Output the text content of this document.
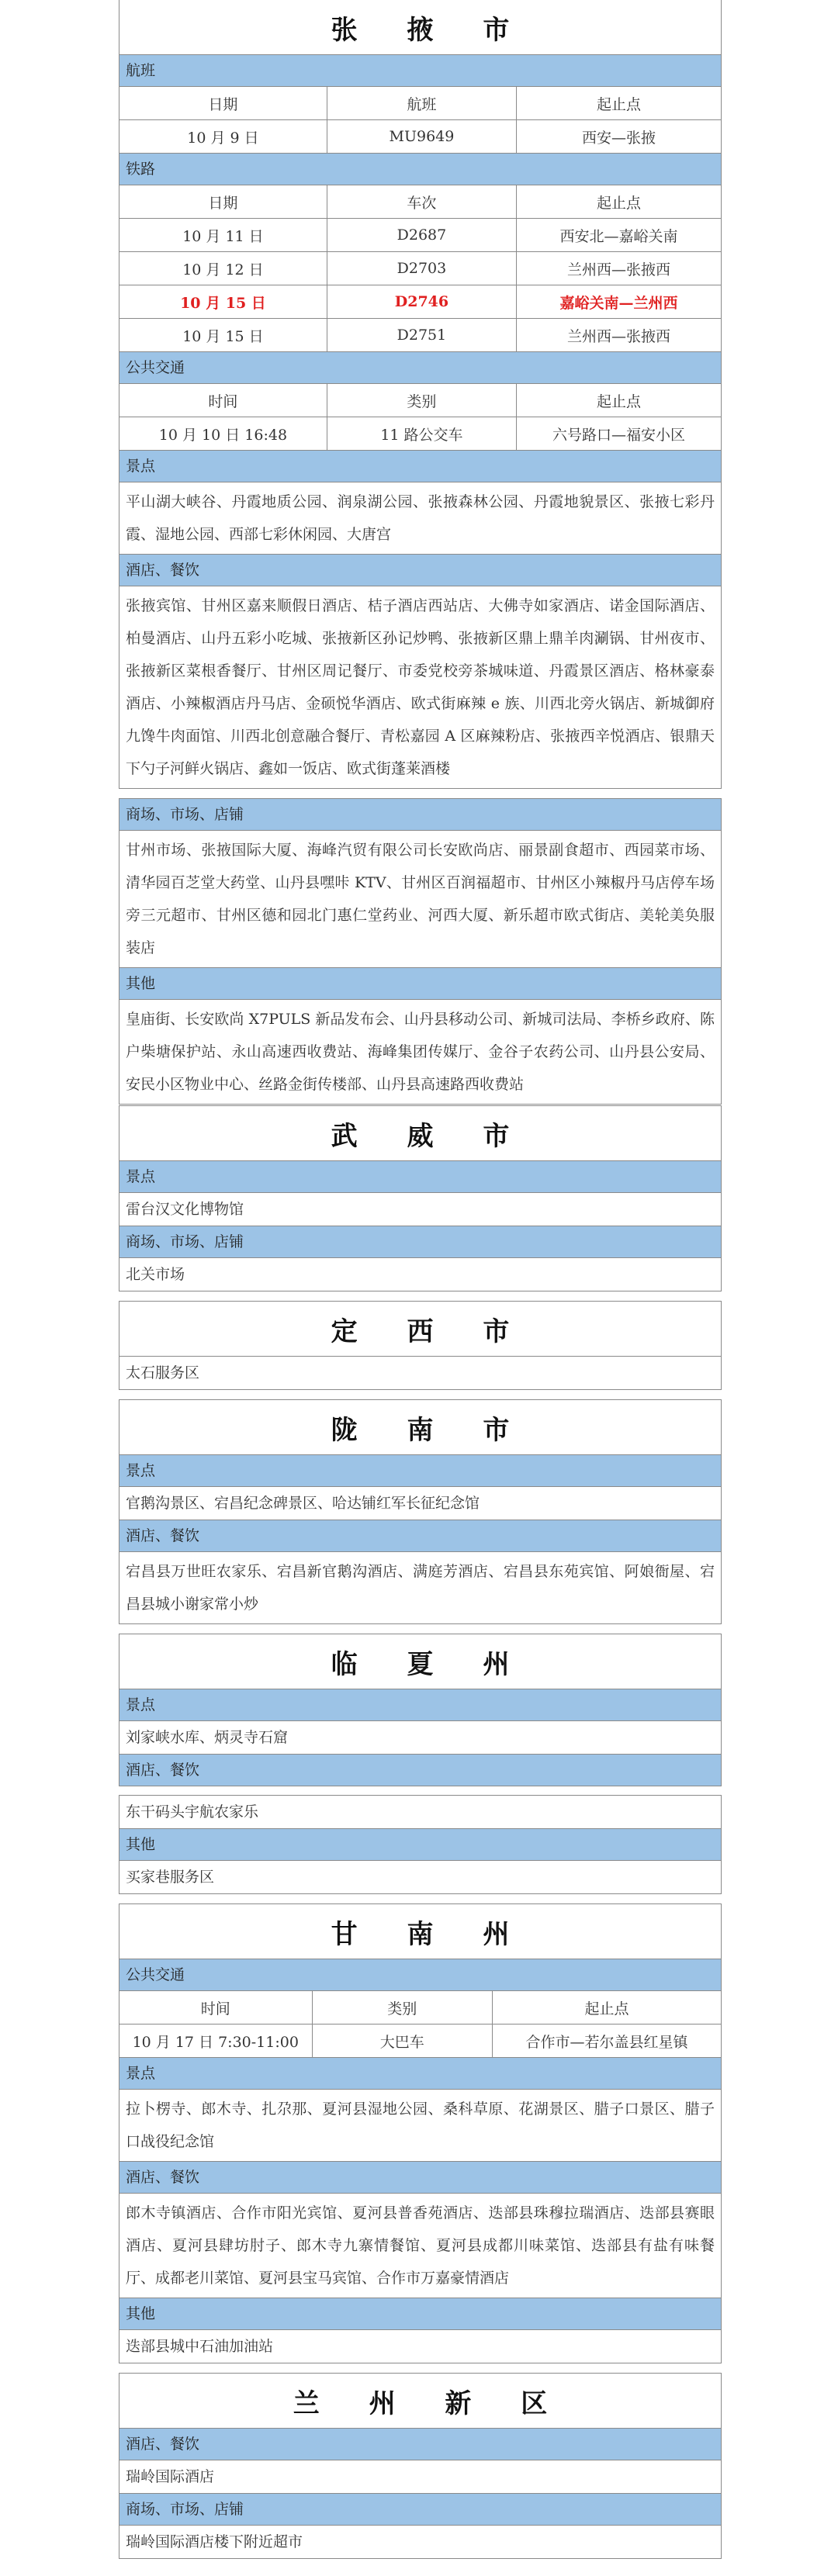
张 掖 市
航班
日期	航班	起止点
10 月 9 日	MU9649	西安—张掖
铁路
日期	车次	起止点
10 月 11 日	D2687	西安北—嘉峪关南
10 月 12 日	D2703	兰州西—张掖西
10 月 15 日	D2746	嘉峪关南—兰州西
10 月 15 日	D2751	兰州西—张掖西
公共交通
时间	类别	起止点
10 月 10 日 16:48	11 路公交车	六号路口—福安小区
景点
平山湖大峡谷、丹霞地质公园、润泉湖公园、张掖森林公园、丹霞地貌景区、张掖七彩丹霞、湿地公园、西部七彩休闲园、大唐宫
酒店、餐饮
张掖宾馆、甘州区嘉来顺假日酒店、桔子酒店西站店、大佛寺如家酒店、诺金国际酒店、柏曼酒店、山丹五彩小吃城、张掖新区孙记炒鸭、张掖新区鼎上鼎羊肉涮锅、甘州夜市、张掖新区菜根香餐厅、甘州区周记餐厅、市委党校旁茶城味道、丹霞景区酒店、格林豪泰酒店、小辣椒酒店丹马店、金硕悦华酒店、欧式街麻辣 e 族、川西北旁火锅店、新城御府九馋牛肉面馆、川西北创意融合餐厅、青松嘉园 A 区麻辣粉店、张掖西辛悦酒店、银鼎天下勺子河鲜火锅店、鑫如一饭店、欧式街蓬莱酒楼
商场、市场、店铺
甘州市场、张掖国际大厦、海峰汽贸有限公司长安欧尚店、丽景副食超市、西园菜市场、清华园百芝堂大药堂、山丹县嘿咔 KTV、甘州区百润福超市、甘州区小辣椒丹马店停车场旁三元超市、甘州区德和园北门惠仁堂药业、河西大厦、新乐超市欧式街店、美轮美奂服装店
其他
皇庙街、长安欧尚 X7PULS 新品发布会、山丹县移动公司、新城司法局、李桥乡政府、陈户柴塘保护站、永山高速西收费站、海峰集团传媒厅、金谷子农药公司、山丹县公安局、安民小区物业中心、丝路金街传楼部、山丹县高速路西收费站
武 威 市
景点
雷台汉文化博物馆
商场、市场、店铺
北关市场
定 西 市
太石服务区
陇 南 市
景点
官鹅沟景区、宕昌纪念碑景区、哈达铺红军长征纪念馆
酒店、餐饮
宕昌县万世旺农家乐、宕昌新官鹅沟酒店、满庭芳酒店、宕昌县东苑宾馆、阿娘衙屋、宕昌县城小谢家常小炒
临 夏 州
景点
刘家峡水库、炳灵寺石窟
酒店、餐饮
东干码头宇航农家乐
其他
买家巷服务区
甘 南 州
公共交通
时间	类别	起止点
10 月 17 日 7:30-11:00	大巴车	合作市—若尔盖县红星镇
景点
拉卜楞寺、郎木寺、扎尕那、夏河县湿地公园、桑科草原、花湖景区、腊子口景区、腊子口战役纪念馆
酒店、餐饮
郎木寺镇酒店、合作市阳光宾馆、夏河县普香苑酒店、迭部县珠穆拉瑞酒店、迭部县赛眼酒店、夏河县肆坊肘子、郎木寺九寨情餐馆、夏河县成都川味菜馆、迭部县有盐有味餐厅、成都老川菜馆、夏河县宝马宾馆、合作市万嘉豪情酒店
其他
迭部县城中石油加油站
兰 州 新 区
酒店、餐饮
瑞岭国际酒店
商场、市场、店铺
瑞岭国际酒店楼下附近超市
